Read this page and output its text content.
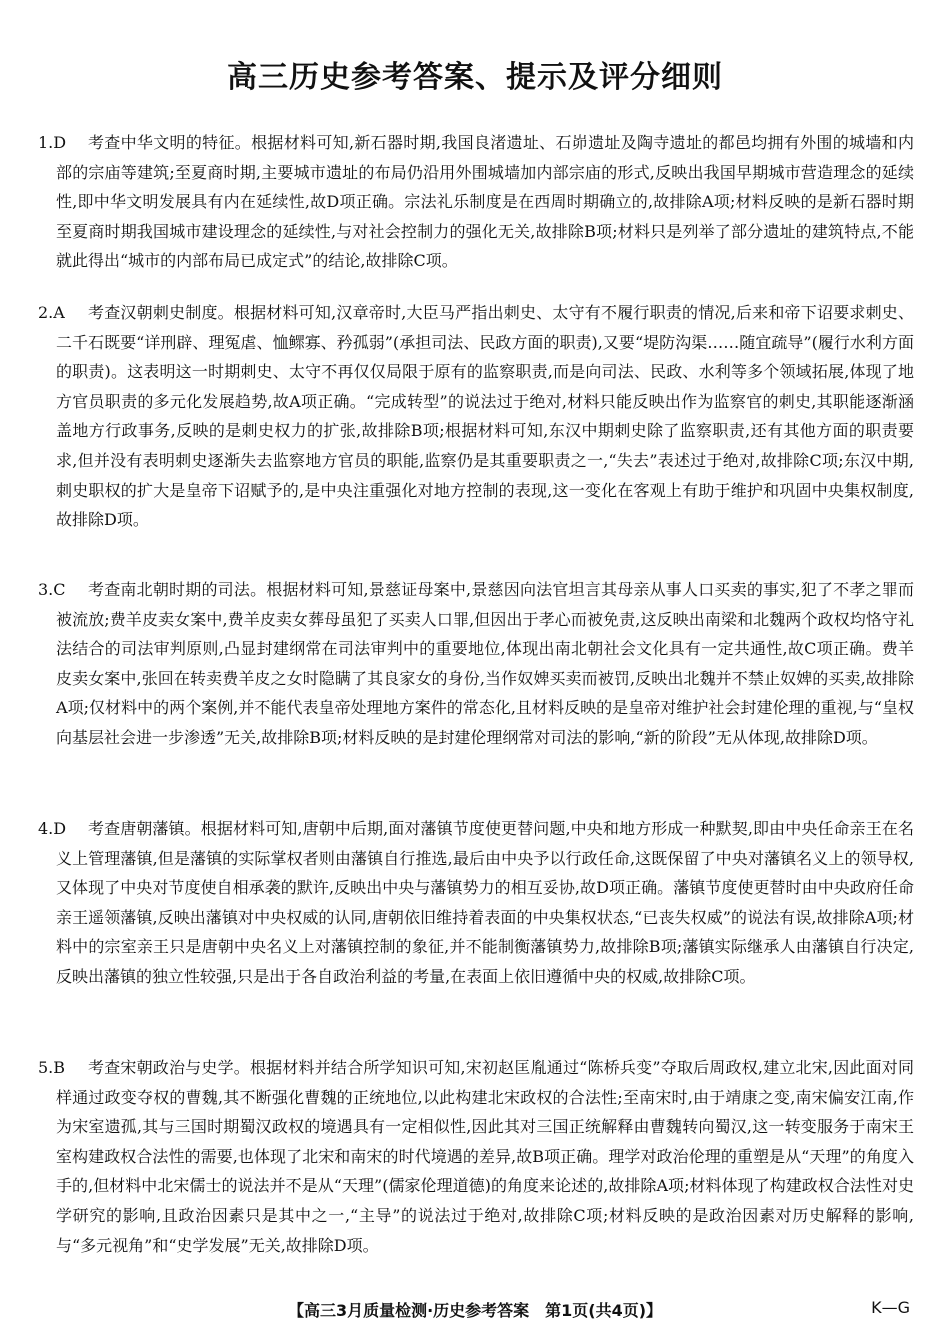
高三历史参考答案、提示及评分细则
1.D	考查中华文明的特征。根据材料可知,新石器时期,我国良渚遗址、石峁遗址及陶寺遗址的都邑均拥有外围的城墙和内部的宗庙等建筑;至夏商时期,主要城市遗址的布局仍沿用外围城墙加内部宗庙的形式,反映出我国早期城市营造理念的延续性,即中华文明发展具有内在延续性,故D项正确。宗法礼乐制度是在西周时期确立的,故排除A项;材料反映的是新石器时期至夏商时期我国城市建设理念的延续性,与对社会控制力的强化无关,故排除B项;材料只是列举了部分遗址的建筑特点,不能就此得出“城市的内部布局已成定式”的结论,故排除C项。
2.A	考查汉朝刺史制度。根据材料可知,汉章帝时,大臣马严指出刺史、太守有不履行职责的情况,后来和帝下诏要求刺史、二千石既要“详刑辟、理冤虐、恤鳏寡、矜孤弱”(承担司法、民政方面的职责),又要“堤防沟渠……随宜疏导”(履行水利方面的职责)。这表明这一时期刺史、太守不再仅仅局限于原有的监察职责,而是向司法、民政、水利等多个领域拓展,体现了地方官员职责的多元化发展趋势,故A项正确。“完成转型”的说法过于绝对,材料只能反映出作为监察官的刺史,其职能逐渐涵盖地方行政事务,反映的是刺史权力的扩张,故排除B项;根据材料可知,东汉中期刺史除了监察职责,还有其他方面的职责要求,但并没有表明刺史逐渐失去监察地方官员的职能,监察仍是其重要职责之一,“失去”表述过于绝对,故排除C项;东汉中期,刺史职权的扩大是皇帝下诏赋予的,是中央注重强化对地方控制的表现,这一变化在客观上有助于维护和巩固中央集权制度,故排除D项。
3.C	考查南北朝时期的司法。根据材料可知,景慈证母案中,景慈因向法官坦言其母亲从事人口买卖的事实,犯了不孝之罪而被流放;费羊皮卖女案中,费羊皮卖女葬母虽犯了买卖人口罪,但因出于孝心而被免责,这反映出南梁和北魏两个政权均恪守礼法结合的司法审判原则,凸显封建纲常在司法审判中的重要地位,体现出南北朝社会文化具有一定共通性,故C项正确。费羊皮卖女案中,张回在转卖费羊皮之女时隐瞒了其良家女的身份,当作奴婢买卖而被罚,反映出北魏并不禁止奴婢的买卖,故排除A项;仅材料中的两个案例,并不能代表皇帝处理地方案件的常态化,且材料反映的是皇帝对维护社会封建伦理的重视,与“皇权向基层社会进一步渗透”无关,故排除B项;材料反映的是封建伦理纲常对司法的影响,“新的阶段”无从体现,故排除D项。
4.D	考查唐朝藩镇。根据材料可知,唐朝中后期,面对藩镇节度使更替问题,中央和地方形成一种默契,即由中央任命亲王在名义上管理藩镇,但是藩镇的实际掌权者则由藩镇自行推选,最后由中央予以行政任命,这既保留了中央对藩镇名义上的领导权,又体现了中央对节度使自相承袭的默许,反映出中央与藩镇势力的相互妥协,故D项正确。藩镇节度使更替时由中央政府任命亲王遥领藩镇,反映出藩镇对中央权威的认同,唐朝依旧维持着表面的中央集权状态,“已丧失权威”的说法有误,故排除A项;材料中的宗室亲王只是唐朝中央名义上对藩镇控制的象征,并不能制衡藩镇势力,故排除B项;藩镇实际继承人由藩镇自行决定,反映出藩镇的独立性较强,只是出于各自政治利益的考量,在表面上依旧遵循中央的权威,故排除C项。
5.B	考查宋朝政治与史学。根据材料并结合所学知识可知,宋初赵匡胤通过“陈桥兵变”夺取后周政权,建立北宋,因此面对同样通过政变夺权的曹魏,其不断强化曹魏的正统地位,以此构建北宋政权的合法性;至南宋时,由于靖康之变,南宋偏安江南,作为宋室遗孤,其与三国时期蜀汉政权的境遇具有一定相似性,因此其对三国正统解释由曹魏转向蜀汉,这一转变服务于南宋王室构建政权合法性的需要,也体现了北宋和南宋的时代境遇的差异,故B项正确。理学对政治伦理的重塑是从“天理”的角度入手的,但材料中北宋儒士的说法并不是从“天理”(儒家伦理道德)的角度来论述的,故排除A项;材料体现了构建政权合法性对史学研究的影响,且政治因素只是其中之一,“主导”的说法过于绝对,故排除C项;材料反映的是政治因素对历史解释的影响,与“多元视角”和“史学发展”无关,故排除D项。
【高三3月质量检测·历史参考答案　第1页(共4页)】	K—G
